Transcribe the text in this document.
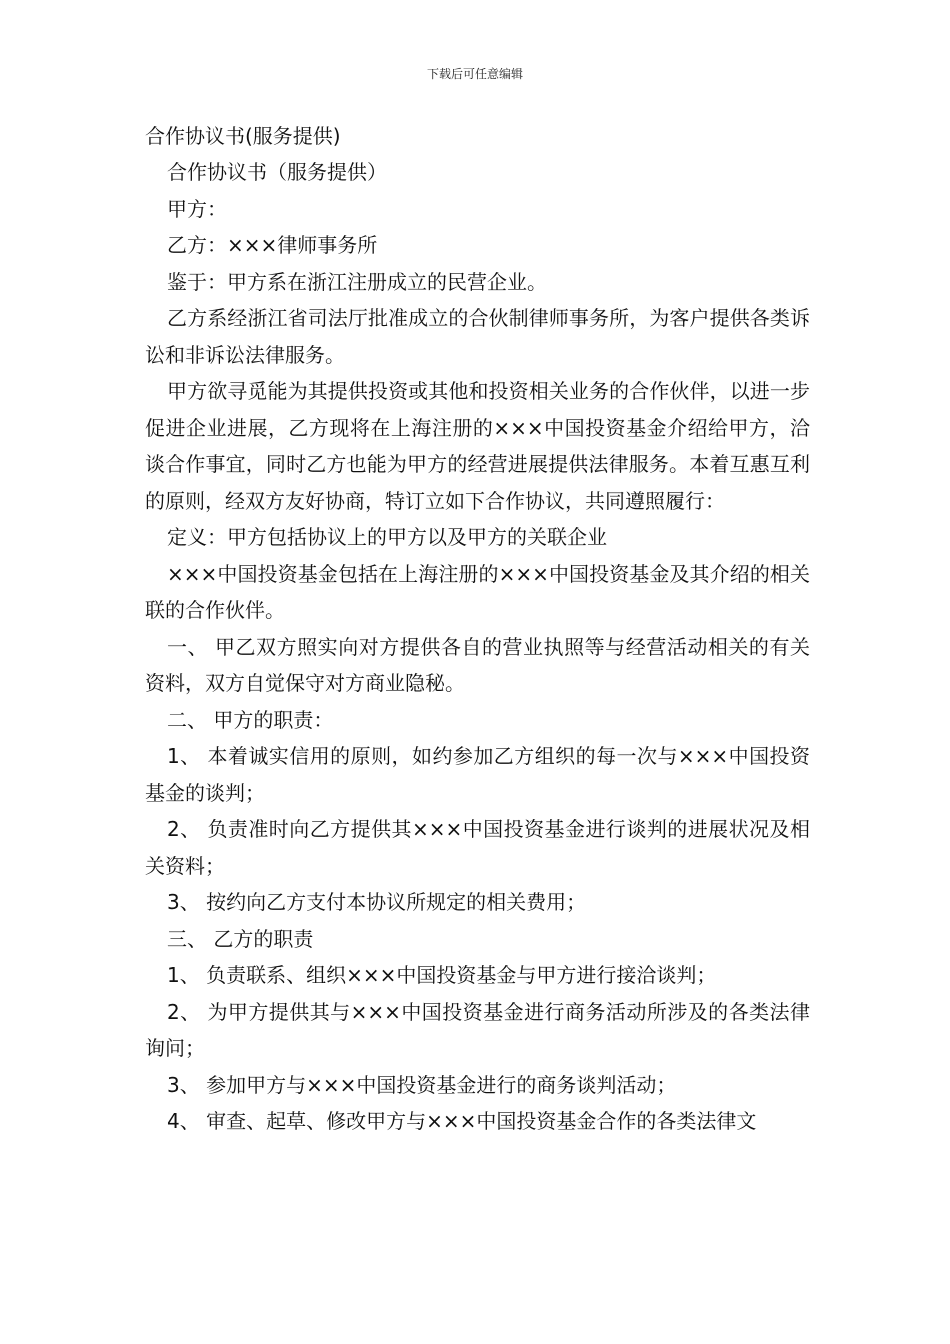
下载后可任意编辑
合作协议书(服务提供)

合作协议书（服务提供）

甲方：

乙方：×××律师事务所

鉴于：甲方系在浙江注册成立的民营企业。

乙方系经浙江省司法厅批准成立的合伙制律师事务所，为客户提供各类诉讼和非诉讼法律服务。

甲方欲寻觅能为其提供投资或其他和投资相关业务的合作伙伴，以进一步促进企业进展，乙方现将在上海注册的×××中国投资基金介绍给甲方，洽谈合作事宜，同时乙方也能为甲方的经营进展提供法律服务。本着互惠互利的原则，经双方友好协商，特订立如下合作协议，共同遵照履行：

定义：甲方包括协议上的甲方以及甲方的关联企业

×××中国投资基金包括在上海注册的×××中国投资基金及其介绍的相关联的合作伙伴。

一、 甲乙双方照实向对方提供各自的营业执照等与经营活动相关的有关资料，双方自觉保守对方商业隐秘。

二、 甲方的职责：

1、 本着诚实信用的原则，如约参加乙方组织的每一次与×××中国投资基金的谈判；

2、 负责准时向乙方提供其×××中国投资基金进行谈判的进展状况及相关资料；

3、 按约向乙方支付本协议所规定的相关费用；

三、 乙方的职责

1、 负责联系、组织×××中国投资基金与甲方进行接洽谈判；

2、 为甲方提供其与×××中国投资基金进行商务活动所涉及的各类法律询问；

3、 参加甲方与×××中国投资基金进行的商务谈判活动；

4、 审查、起草、修改甲方与×××中国投资基金合作的各类法律文
